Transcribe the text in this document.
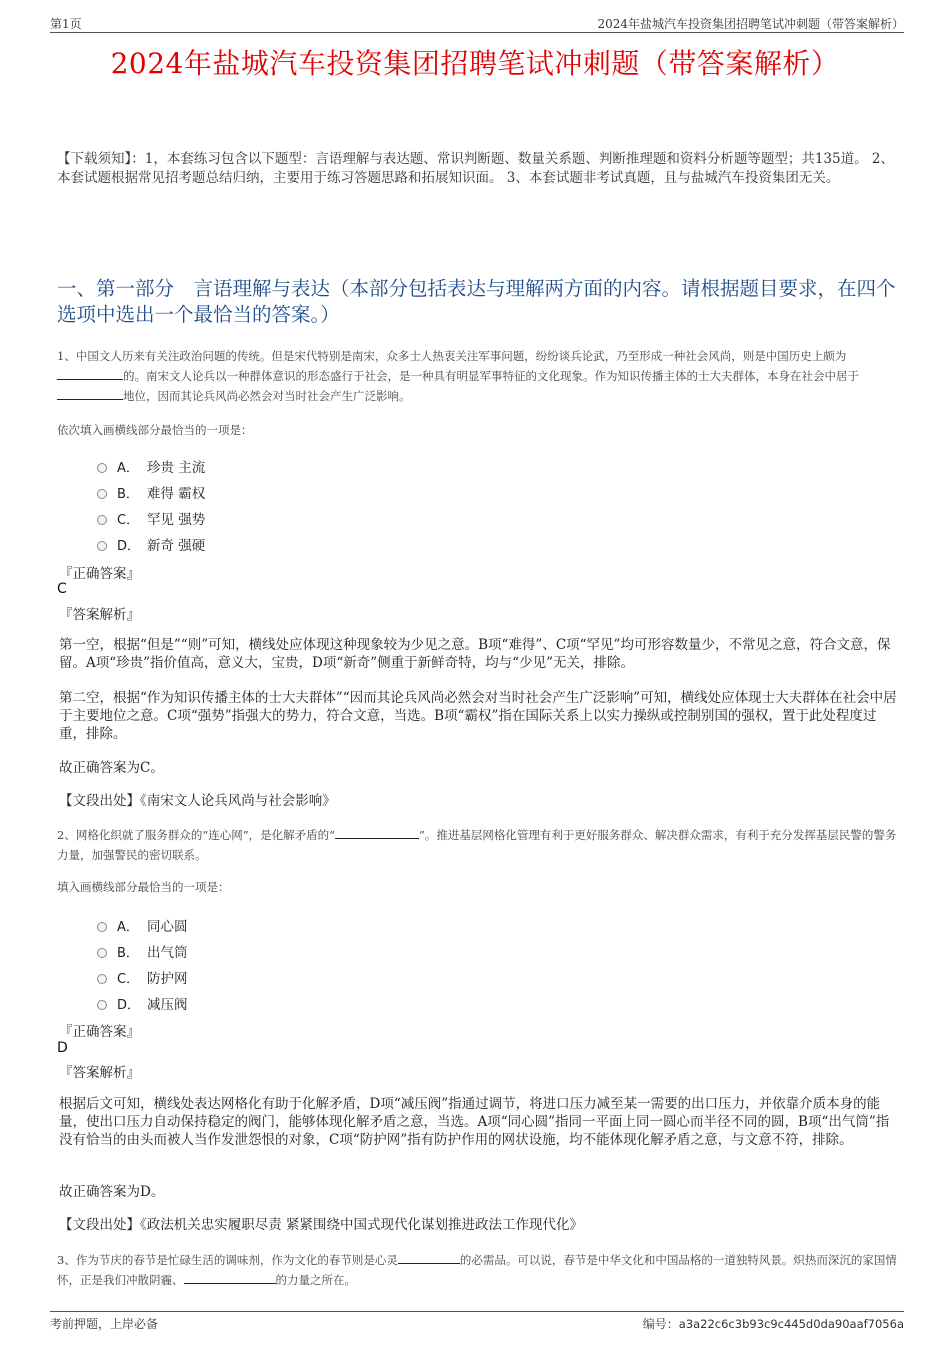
第1页	2024年盐城汽车投资集团招聘笔试冲刺题（带答案解析）
2024年盐城汽车投资集团招聘笔试冲刺题（带答案解析）
【下载须知】：1，本套练习包含以下题型：言语理解与表达题、常识判断题、数量关系题、判断推理题和资料分析题等题型；共135道。 2、本套试题根据常见招考题总结归纳，主要用于练习答题思路和拓展知识面。 3、本套试题非考试真题，且与盐城汽车投资集团无关。
一、第一部分　言语理解与表达（本部分包括表达与理解两方面的内容。请根据题目要求，在四个选项中选出一个最恰当的答案。）
1、中国文人历来有关注政治问题的传统。但是宋代特别是南宋，众多士人热衷关注军事问题，纷纷谈兵论武，乃至形成一种社会风尚，则是中国历史上颇为的。南宋文人论兵以一种群体意识的形态盛行于社会，是一种具有明显军事特征的文化现象。作为知识传播主体的士大夫群体，本身在社会中居于地位，因而其论兵风尚必然会对当时社会产生广泛影响。
依次填入画横线部分最恰当的一项是：
A． 珍贵 主流
B． 难得 霸权
C． 罕见 强势
D． 新奇 强硬
『正确答案』
C
『答案解析』
第一空，根据“但是”“则”可知，横线处应体现这种现象较为少见之意。B项“难得”、C项“罕见”均可形容数量少，不常见之意，符合文意，保留。A项“珍贵”指价值高，意义大，宝贵，D项“新奇”侧重于新鲜奇特，均与“少见”无关，排除。
第二空，根据“作为知识传播主体的士大夫群体”“因而其论兵风尚必然会对当时社会产生广泛影响”可知，横线处应体现士大夫群体在社会中居于主要地位之意。C项“强势”指强大的势力，符合文意，当选。B项“霸权”指在国际关系上以实力操纵或控制别国的强权，置于此处程度过重，排除。
故正确答案为C。
【文段出处】《南宋文人论兵风尚与社会影响》
2、网格化织就了服务群众的“连心网”，是化解矛盾的“	”。推进基层网格化管理有利于更好服务群众、解决群众需求，有利于充分发挥基层民警的警务力量，加强警民的密切联系。
填入画横线部分最恰当的一项是：
A． 同心圆
B． 出气筒
C． 防护网
D． 减压阀
『正确答案』
D
『答案解析』
根据后文可知，横线处表达网格化有助于化解矛盾，D项“减压阀”指通过调节，将进口压力减至某一需要的出口压力，并依靠介质本身的能量，使出口压力自动保持稳定的阀门，能够体现化解矛盾之意，当选。A项“同心圆”指同一平面上同一圆心而半径不同的圆，B项“出气筒”指没有恰当的由头而被人当作发泄怨恨的对象，C项“防护网”指有防护作用的网状设施，均不能体现化解矛盾之意，与文意不符，排除。
故正确答案为D。
【文段出处】《政法机关忠实履职尽责 紧紧围绕中国式现代化谋划推进政法工作现代化》
3、作为节庆的春节是忙碌生活的调味剂，作为文化的春节则是心灵	的必需品。可以说，春节是中华文化和中国品格的一道独特风景。炽热而深沉的家国情怀，正是我们冲散阴霾、	的力量之所在。
考前押题，上岸必备	编号：a3a22c6c3b93c9c445d0da90aaf7056a
